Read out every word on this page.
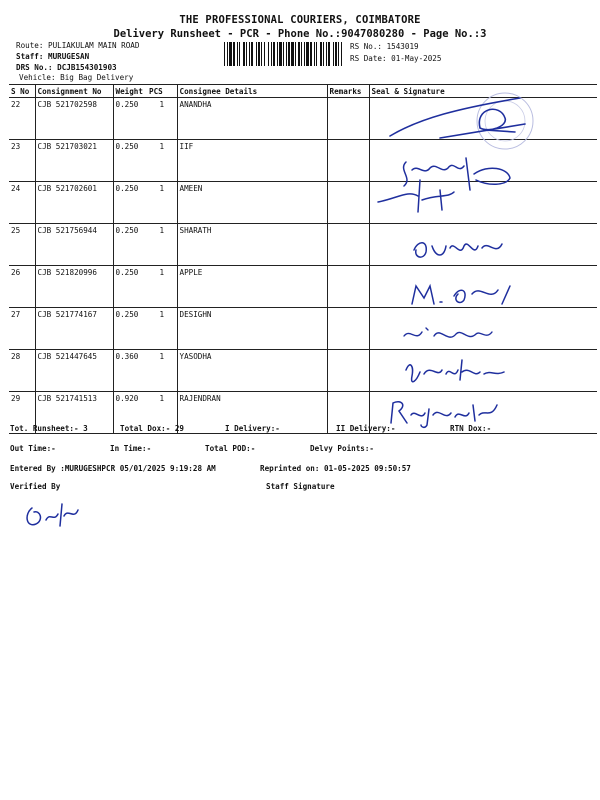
THE PROFESSIONAL COURIERS, COIMBATORE
Delivery Runsheet - PCR - Phone No.:9047080280 - Page No.:3
Route: PULIAKULAM MAIN ROAD
Staff: MURUGESAN
DRS No.: DCJB154301903
Vehicle: Big Bag Delivery
RS No.: 1543019
RS Date: 01-May-2025
S No	Consignment No	Weight	PCS	Consignee Details	Remarks	Seal & Signature
22	CJB 521702598	0.250	1	ANANDHA		
23	CJB 521703021	0.250	1	IIF		
24	CJB 521702601	0.250	1	AMEEN		
25	CJB 521756944	0.250	1	SHARATH		
26	CJB 521820996	0.250	1	APPLE		
27	CJB 521774167	0.250	1	DESIGHN		
28	CJB 521447645	0.360	1	YASODHA		
29	CJB 521741513	0.920	1	RAJENDRAN		
Tot. Runsheet:- 3	Total Dox:- 29	I Delivery:-	II Delivery:-	RTN Dox:-
Out Time:-	In Time:-	Total POD:-	Delvy Points:-
Entered By :MURUGESHPCR 05/01/2025 9:19:28 AM	Reprinted on: 01-05-2025 09:50:57
Verified By	Staff Signature
